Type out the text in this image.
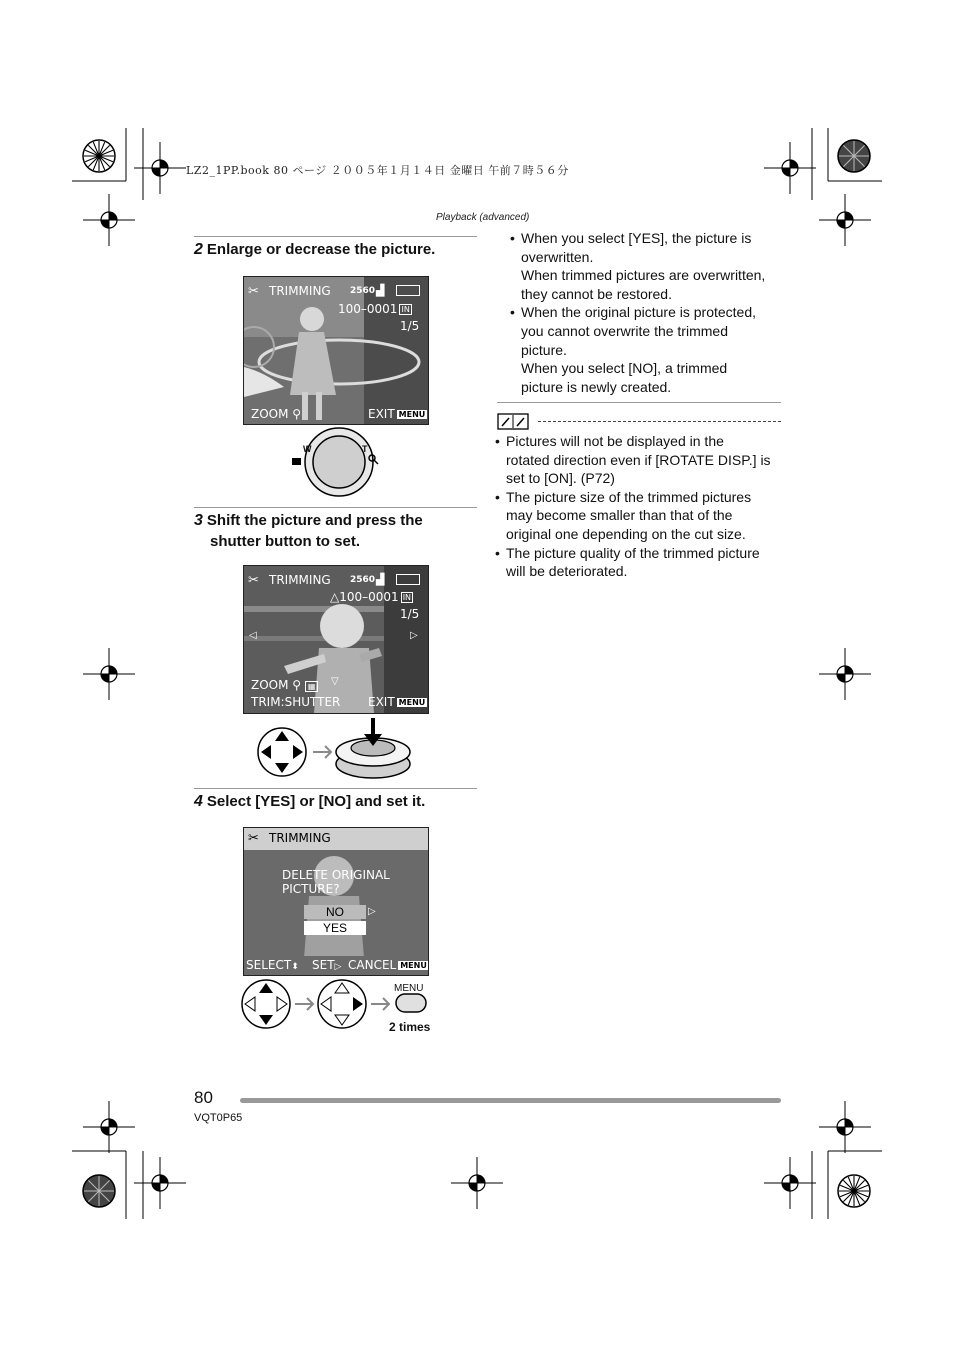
LZ2_1PP.book 80 ページ ２００５年１月１４日 金曜日 午前７時５６分
Playback (advanced)
2 Enlarge or decrease the picture.
✂ TRIMMING 2560 ▟
100–0001 IN
1/5
ZOOM ⚲	EXIT MENU
W	T
3 Shift the picture and press the
shutter button to set.
✂ TRIMMING 2560 ▟
△100–0001 IN
1/5
◁	▷
▽
ZOOM ⚲ ▦
TRIM:SHUTTER EXIT MENU
4 Select [YES] or [NO] and set it.
✂ TRIMMING
DELETE ORIGINAL
PICTURE?
NO
YES
▷
SELECT⬍ SET▷ CANCEL MENU
MENU
2 times
• When you select [YES], the picture is
overwritten.
When trimmed pictures are overwritten,
they cannot be restored.
• When the original picture is protected,
you cannot overwrite the trimmed
picture.
When you select [NO], a trimmed
picture is newly created.
• Pictures will not be displayed in the
rotated direction even if [ROTATE DISP.] is
set to [ON]. (P72)
• The picture size of the trimmed pictures
may become smaller than that of the
original one depending on the cut size.
• The picture quality of the trimmed picture
will be deteriorated.
80
VQT0P65
